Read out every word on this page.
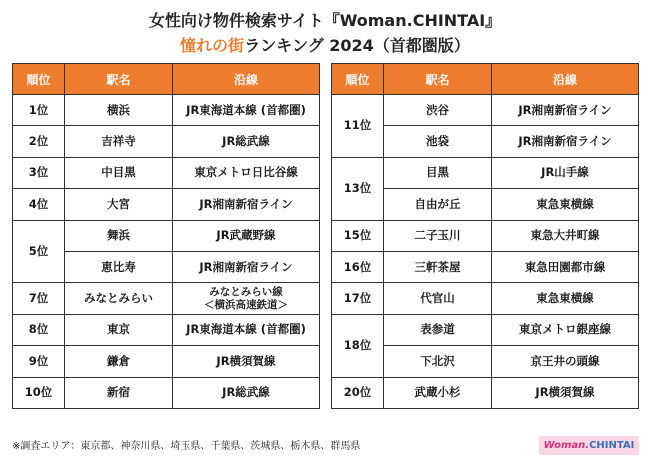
女性向け物件検索サイト『Woman.CHINTAI』
憧れの街ランキング 2024（首都圏版）
順位	駅名	沿線
1位	横浜	JR東海道本線 (首都圏)
2位	吉祥寺	JR総武線
3位	中目黒	東京メトロ日比谷線
4位	大宮	JR湘南新宿ライン
5位	舞浜	JR武蔵野線
	恵比寿	JR湘南新宿ライン
7位	みなとみらい	みなとみらい線
＜横浜高速鉄道＞

8位	東京	JR東海道本線 (首都圏)
9位	鎌倉	JR横須賀線
10位	新宿	JR総武線
順位	駅名	沿線
11位	渋谷	JR湘南新宿ライン
	池袋	JR湘南新宿ライン
13位	目黒	JR山手線
	自由が丘	東急東横線
15位	二子玉川	東急大井町線
16位	三軒茶屋	東急田園都市線
17位	代官山	東急東横線
18位	表参道	東京メトロ銀座線
	下北沢	京王井の頭線
20位	武蔵小杉	JR横須賀線
※調査エリア：東京都、神奈川県、埼玉県、千葉県、茨城県、栃木県、群馬県	Woman. CHINTAI
